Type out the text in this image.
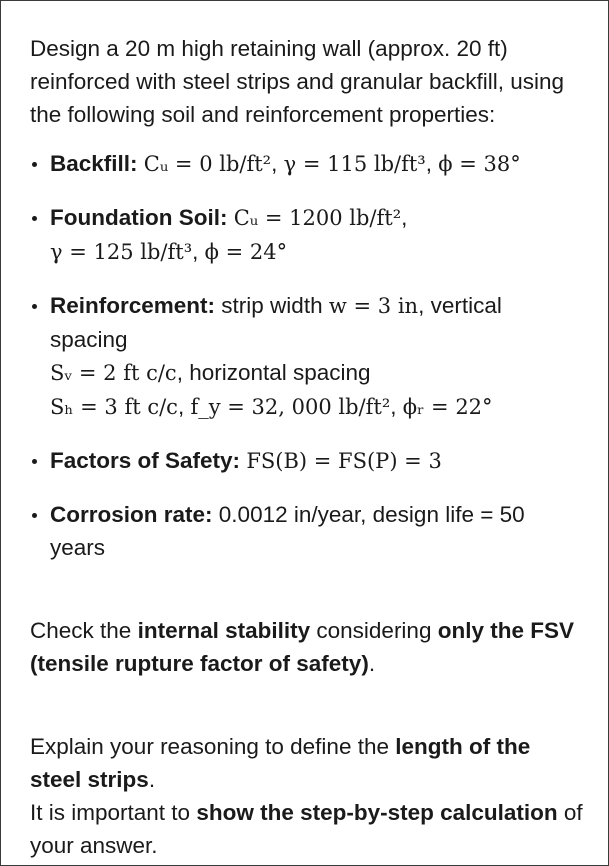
Design a 20 m high retaining wall (approx. 20 ft) reinforced with steel strips and granular backfill, using the following soil and reinforcement properties:

Backfill: Cᵤ = 0 lb/ft², γ = 115 lb/ft³, ϕ = 38°
Foundation Soil: Cᵤ = 1200 lb/ft²,
γ = 125 lb/ft³, ϕ = 24°
Reinforcement: strip width w = 3 in, vertical spacing
Sᵥ = 2 ft c/c, horizontal spacing
Sₕ = 3 ft c/c, f_y = 32, 000 lb/ft², ϕᵣ = 22°
Factors of Safety: FS(B) = FS(P) = 3
Corrosion rate: 0.0012 in/year, design life = 50 years

Check the internal stability considering only the FSV (tensile rupture factor of safety).

Explain your reasoning to define the length of the steel strips.
It is important to show the step-by-step calculation of your answer.
